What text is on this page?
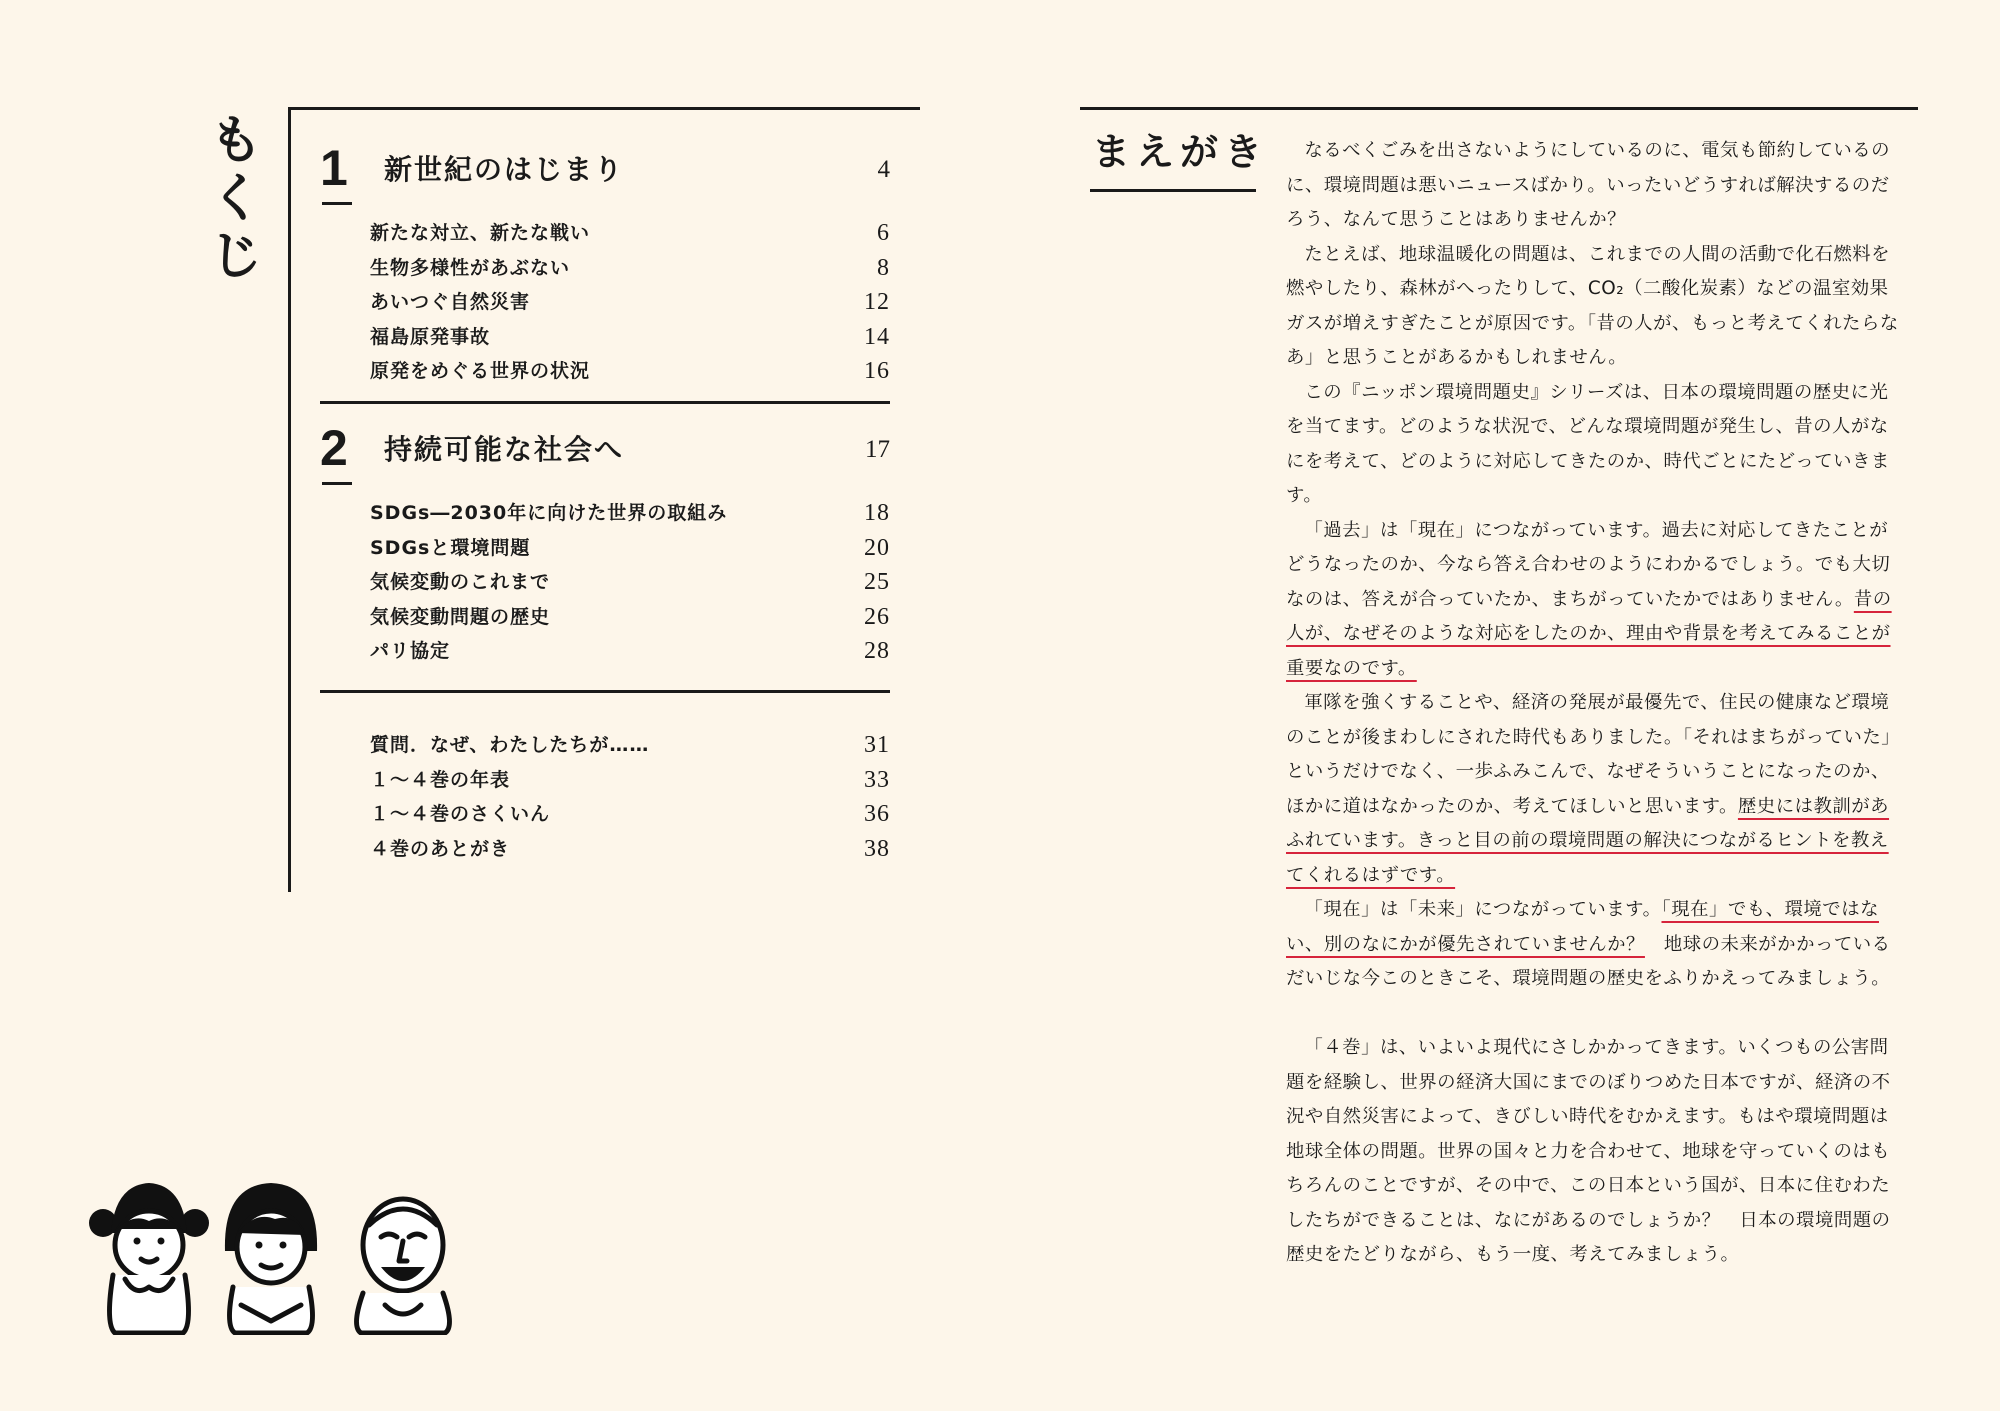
も
く
じ
1 新世紀のはじまり	4
新たな対立、新たな戦い	6
生物多様性があぶない	8
あいつぐ自然災害	12
福島原発事故	14
原発をめぐる世界の状況	16
2 持続可能な社会へ	17
SDGs―2030年に向けた世界の取組み	18
SDGsと環境問題	20
気候変動のこれまで	25
気候変動問題の歴史	26
パリ協定	28
質問．なぜ、わたしたちが……	31
１～４巻の年表	33
１～４巻のさくいん	36
４巻のあとがき	38
まえがき	なるべくごみを出さないようにしているのに、電気も節約しているのに、環境問題は悪いニュースばかり。いったいどうすれば解決するのだろう、なんて思うことはありませんか？

たとえば、地球温暖化の問題は、これまでの人間の活動で化石燃料を燃やしたり、森林がへったりして、CO₂（二酸化炭素）などの温室効果ガスが増えすぎたことが原因です。「昔の人が、もっと考えてくれたらなあ」と思うことがあるかもしれません。

この『ニッポン環境問題史』シリーズは、日本の環境問題の歴史に光を当てます。どのような状況で、どんな環境問題が発生し、昔の人がなにを考えて、どのように対応してきたのか、時代ごとにたどっていきます。

「過去」は「現在」につながっています。過去に対応してきたことがどうなったのか、今なら答え合わせのようにわかるでしょう。でも大切なのは、答えが合っていたか、まちがっていたかではありません。昔の人が、なぜそのような対応をしたのか、理由や背景を考えてみることが重要なのです。

軍隊を強くすることや、経済の発展が最優先で、住民の健康など環境のことが後まわしにされた時代もありました。「それはまちがっていた」というだけでなく、一歩ふみこんで、なぜそういうことになったのか、ほかに道はなかったのか、考えてほしいと思います。歴史には教訓があふれています。きっと目の前の環境問題の解決につながるヒントを教えてくれるはずです。

「現在」は「未来」につながっています。「現在」でも、環境ではない、別のなにかが優先されていませんか？　地球の未来がかかっているだいじな今このときこそ、環境問題の歴史をふりかえってみましょう。

「４巻」は、いよいよ現代にさしかかってきます。いくつもの公害問題を経験し、世界の経済大国にまでのぼりつめた日本ですが、経済の不況や自然災害によって、きびしい時代をむかえます。もはや環境問題は地球全体の問題。世界の国々と力を合わせて、地球を守っていくのはもちろんのことですが、その中で、この日本という国が、日本に住むわたしたちができることは、なにがあるのでしょうか？　日本の環境問題の歴史をたどりながら、もう一度、考えてみましょう。
